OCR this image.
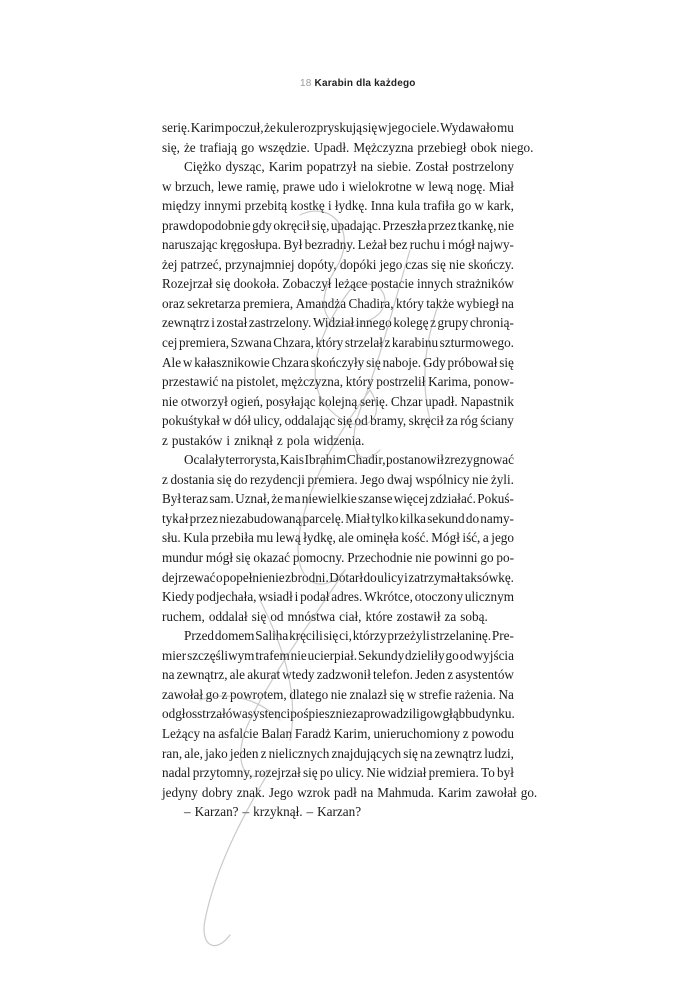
18 Karabin dla każdego
serię. Karim poczuł, że kule rozpryskują się w jego ciele. Wydawało mu
się, że trafiają go wszędzie. Upadł. Mężczyzna przebiegł obok niego.
Ciężko dysząc, Karim popatrzył na siebie. Został postrzelony
w brzuch, lewe ramię, prawe udo i wielokrotne w lewą nogę. Miał
między innymi przebitą kostkę i łydkę. Inna kula trafiła go w kark,
prawdopodobnie gdy okręcił się, upadając. Przeszła przez tkankę, nie
naruszając kręgosłupa. Był bezradny. Leżał bez ruchu i mógł najwy-
żej patrzeć, przynajmniej dopóty, dopóki jego czas się nie skończy.
Rozejrzał się dookoła. Zobaczył leżące postacie innych strażników
oraz sekretarza premiera, Amandża Chadira, który także wybiegł na
zewnątrz i został zastrzelony. Widział innego kolegę z grupy chronią-
cej premiera, Szwana Chzara, który strzelał z karabinu szturmowego.
Ale w kałasznikowie Chzara skończyły się naboje. Gdy próbował się
przestawić na pistolet, mężczyzna, który postrzelił Karima, ponow-
nie otworzył ogień, posyłając kolejną serię. Chzar upadł. Napastnik
pokuśtykał w dół ulicy, oddalając się od bramy, skręcił za róg ściany
z pustaków i zniknął z pola widzenia.
Ocalały terrorysta, Kais Ibrahim Chadir, postanowił zrezygnować
z dostania się do rezydencji premiera. Jego dwaj wspólnicy nie żyli.
Był teraz sam. Uznał, że ma niewielkie szanse więcej zdziałać. Pokuś-
tykał przez niezabudowaną parcelę. Miał tylko kilka sekund do namy-
słu. Kula przebiła mu lewą łydkę, ale ominęła kość. Mógł iść, a jego
mundur mógł się okazać pomocny. Przechodnie nie powinni go po-
dejrzewać o popełnienie zbrodni. Dotarł do ulicy i zatrzymał taksówkę.
Kiedy podjechała, wsiadł i podał adres. Wkrótce, otoczony ulicznym
ruchem, oddalał się od mnóstwa ciał, które zostawił za sobą.
Przed domem Saliha kręcili się ci, którzy przeżyli strzelaninę. Pre-
mier szczęśliwym trafem nie ucierpiał. Sekundy dzieliły go od wyjścia
na zewnątrz, ale akurat wtedy zadzwonił telefon. Jeden z asystentów
zawołał go z powrotem, dlatego nie znalazł się w strefie rażenia. Na
odgłos strzałów asystenci pośpiesznie zaprowadzili go w głąb budynku.
Leżący na asfalcie Balan Faradż Karim, unieruchomiony z powodu
ran, ale, jako jeden z nielicznych znajdujących się na zewnątrz ludzi,
nadal przytomny, rozejrzał się po ulicy. Nie widział premiera. To był
jedyny dobry znak. Jego wzrok padł na Mahmuda. Karim zawołał go.
– Karzan? – krzyknął. – Karzan?
